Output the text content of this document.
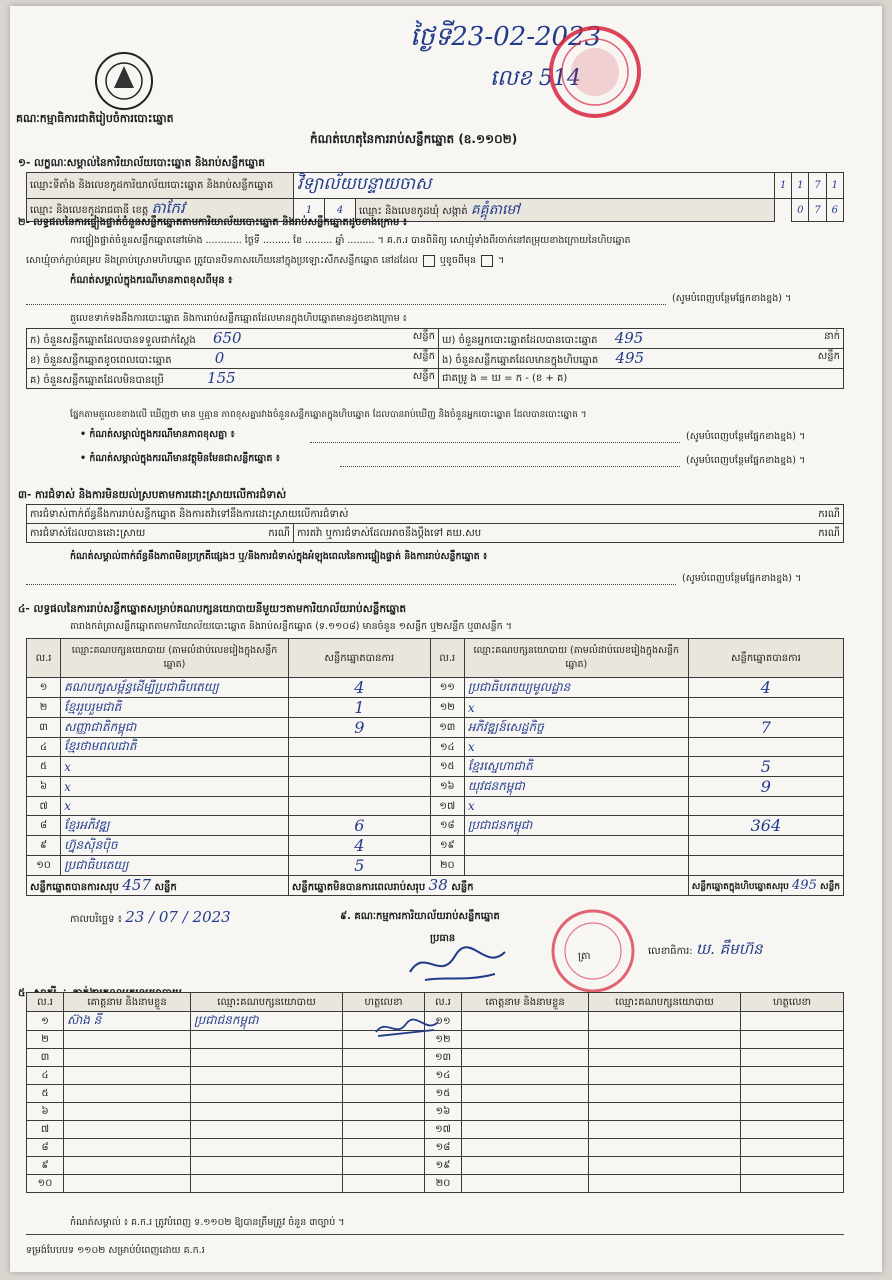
ថ្ងៃទី23-02-2023
លេខ 514
គណៈកម្មាធិការជាតិរៀបចំការបោះឆ្នោត
កំណត់ហេតុនៃការរាប់សន្លឹកឆ្នោត (ឧ.១១០២)
១- លក្ខណៈសម្គាល់នៃការិយាល័យបោះឆ្នោត និងរាប់សន្លឹកឆ្នោត
ឈ្មោះទីតាំង និងលេខកូដការិយាល័យបោះឆ្នោត និងរាប់សន្លឹកឆ្នោត	វិទ្យាល័យបន្ទាយចាស			1	1	7	1
ឈ្មោះ និងលេខកូដរាជធានី ខេត្ត តាកែវ	1	4	ឈ្មោះ និងលេខកូដឃុំ សង្កាត់ គគ្គុំតាមៅ		0	7	6
២- លទ្ធផលនៃការផ្ទៀងផ្ទាត់ចំនួនសន្លឹកឆ្នោតតាមការិយាល័យបោះឆ្នោត និងរាប់សន្លឹកឆ្នោតដូចខាងក្រោម ៖
ការផ្ទៀងផ្ទាត់ចំនួនសន្លឹកឆ្នោតនៅម៉ោង ............ ថ្ងៃទី ......... ខែ ......... ឆ្នាំ ......... ។ គ.ក.រ បានពិនិត្យ សោឃ្មុំទាំងពីរចាក់នៅតម្រុយខាងក្រោយនៃហិបឆ្នោត
សោឃ្មុំចាក់ភ្ជាប់គម្រប និងត្រាប់ស្រោមហិបឆ្នោត ត្រូវបានបិទភាសហើយនៅក្នុងប្រឡោះសឹកសន្លឹកឆ្នោត នៅដដែល ឬខូចពីមុន  ។
កំណត់សម្គាល់ក្នុងករណីមានភាពខុសពីមុន ៖
(សូមបំពេញបន្ថែមផ្នែកខាងខ្នង) ។
តួលេខទាក់ទងនឹងការបោះឆ្នោត និងការរាប់សន្លឹកឆ្នោតដែលមានក្នុងហិបឆ្នោតមានដូចខាងក្រោម ៖
ក) ចំនួនសន្លឹកឆ្នោតដែលបានទទួលជាក់ស្តែង 650 សន្លឹក	ឃ) ចំនួនអ្នកបោះឆ្នោតដែលបានបោះឆ្នោត 495 នាក់

ខ) ចំនួនសន្លឹកឆ្នោតខូចពេលបោះឆ្នោត 0 សន្លឹក	ង) ចំនួនសន្លឹកឆ្នោតដែលមានក្នុងហិបឆ្នោត 495 សន្លឹក

គ) ចំនួនសន្លឹកឆ្នោតដែលមិនបានប្រើ 155 សន្លឹក	ជាគម្រូ ង = ឃ = ក - (ខ + គ)
ផ្នែកតាមតួលេខខាងលើ ឃើញថា មាន ឬគ្មាន ភាពខុសគ្នារវាងចំនួនសន្លឹកឆ្នោតក្នុងហិបឆ្នោត ដែលបានរាប់ឃើញ និងចំនួនអ្នកបោះឆ្នោត ដែលបានបោះឆ្នោត ។
• កំណត់សម្គាល់ក្នុងករណីមានភាពខុសគ្នា ៖	(សូមបំពេញបន្ថែមផ្នែកខាងខ្នង) ។
• កំណត់សម្គាល់ក្នុងករណីមានវត្ថុមិនមែនជាសន្លឹកឆ្នោត ៖	(សូមបំពេញបន្ថែមផ្នែកខាងខ្នង) ។
៣- ការជំទាស់ និងការមិនយល់ស្របតាមការដោះស្រាយលើការជំទាស់
ការជំទាស់ពាក់ព័ន្ធនឹងការរាប់សន្លឹកឆ្នោត និងការតវ៉ាទៅនឹងការដោះស្រាយលើការជំទាស់	ករណី

ការជំទាស់ដែលបានដោះស្រាយ	ករណី	ការតវ៉ា ឬការជំទាស់ដែលអាចនឹងប្តឹងទៅ គឃ.សប	ករណី
កំណត់សម្គាល់ពាក់ព័ន្ធនឹងភាពមិនប្រក្រតីផ្សេងៗ ឬ/និងការជំទាស់ក្នុងអំឡុងពេលនៃការផ្ទៀងផ្ទាត់ និងការរាប់សន្លឹកឆ្នោត ៖
(សូមបំពេញបន្ថែមផ្នែកខាងខ្នង) ។
៤- លទ្ធផលនៃការរាប់សន្លឹកឆ្នោតសម្រាប់គណបក្សនយោបាយនីមួយៗតាមការិយាល័យរាប់សន្លឹកឆ្នោត
តារាងកត់ត្រាសន្លឹកឆ្នោតតាមការិយាល័យបោះឆ្នោត និងរាប់សន្លឹកឆ្នោត (ទ.១១០៨) មានចំនួន ១សន្លឹក ឬ២សន្លឹក ឬ៣សន្លឹក ។
ល.រ	ឈ្មោះគណបក្សនយោបាយ (តាមលំដាប់លេខរៀងក្នុងសន្លឹកឆ្នោត)	សន្លឹកឆ្នោតបានការ	ល.រ	ឈ្មោះគណបក្សនយោបាយ (តាមលំដាប់លេខរៀងក្នុងសន្លឹកឆ្នោត)	សន្លឹកឆ្នោតបានការ
១	គណបក្សសម្ព័ន្ធដើម្បីប្រជាធិបតេយ្យ	4	១១	ប្រជាធិបតេយ្យមូលដ្ឋាន	4
២	ខ្មែររួបរួមជាតិ	1	១២	x	
៣	សញ្ញាជាតិកម្ពុជា	9	១៣	អភិវឌ្ឍន៍សេដ្ឋកិច្ច	7
៤	ខ្មែរថាមពលជាតិ		១៤	x	
៥	x		១៥	ខ្មែរស្នេហាជាតិ	5
៦	x		១៦	យុវជនកម្ពុជា	9
៧	x		១៧	x	
៨	ខ្មែរអភិវឌ្ឍ	6	១៨	ប្រជាជនកម្ពុជា	364
៩	ហ្វ៊ុនស៊ិនប៉ិច	4	១៩		
១០	ប្រជាធិបតេយ្យ	5	២០		
សន្លឹកឆ្នោតបានការសរុប 457 សន្លឹក		សន្លឹកឆ្នោតមិនបានការពេលរាប់សរុប 38 សន្លឹក			សន្លឹកឆ្នោតក្នុងហិបឆ្នោតសរុប 495 សន្លឹក
កាលបរិច្ឆេទ ៖ 23 / 07 / 2023	៩. គណៈកម្មការការិយាល័យរាប់សន្លឹកឆ្នោត
ប្រធាន
ត្រា	លេខាធិការ: ឃ. គឹមហ៊ន
៥- សាក្សី ÷ ភ្នាក់ងារគណបក្សនយោបាយ
ល.រ	គោត្តនាម និងនាមខ្លួន	ឈ្មោះគណបក្សនយោបាយ	ហត្ថលេខា	ល.រ	គោត្តនាម និងនាមខ្លួន	ឈ្មោះគណបក្សនយោបាយ	ហត្ថលេខា
១	ស៊ាង នី	ប្រជាជនកម្ពុជា		១១			
២				១២			
៣				១៣			
៤				១៤			
៥				១៥			
៦				១៦			
៧				១៧			
៨				១៨			
៩				១៩			
១០				២០			
កំណត់សម្គាល់ ៖ គ.ក.រ ត្រូវបំពេញ ទ.១១០២ ឱ្យបានត្រឹមត្រូវ ចំនួន ៣ច្បាប់ ។
ទម្រង់បែបបទ ១១០២ សម្រាប់បំពេញដោយ គ.ក.រ
